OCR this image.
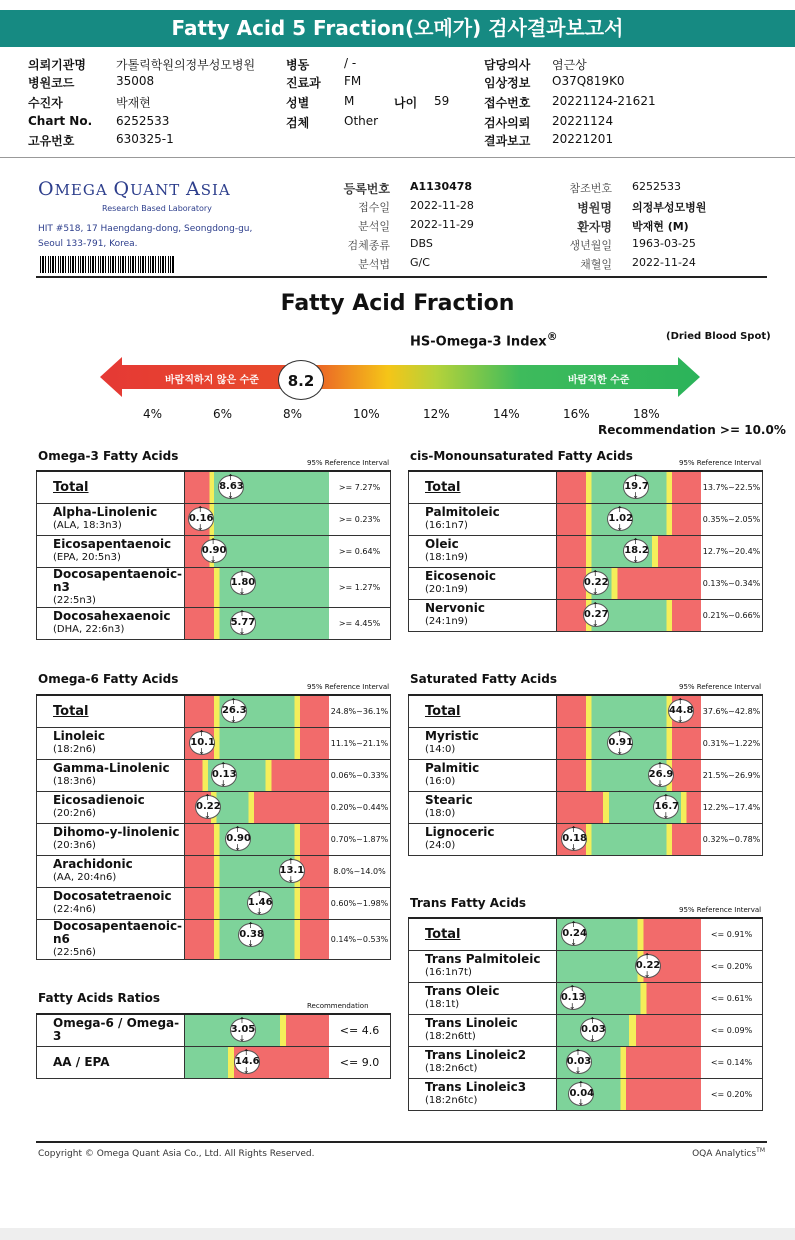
Fatty Acid 5 Fraction(오메가) 검사결과보고서
의뢰기관명	가톨릭학원의정부성모병원
병원코드	35008
수진자	박재현
Chart No. 6252533
고유번호	630325-1
병동	/ -
진료과 FM
성별	M
검체	Other
나이 59
담당의사 염근상
임상정보 O37Q819K0
접수번호 20221124-21621
검사의뢰 20221124
결과보고 20221201
OMEGA QUANT ASIA
Research Based Laboratory
HIT #518, 17 Haengdang-dong, Seongdong-gu,
Seoul 133-791, Korea.
등록번호 A1130478
접수일 2022-11-28
분석일 2022-11-29
검체종류 DBS
분석법 G/C
참조번호 6252533
병원명 의정부성모병원
환자명 박재현 (M)
생년월일 1963-03-25
채혈일 2022-11-24
Fatty Acid Fraction
HS-Omega-3 Index®	(Dried Blood Spot)
바람직하지 않은 수준	바람직한 수준
8.2
4%	6%	8%	10%	12%	14%	16%	18%
Recommendation >= 10.0%
Omega-3 Fatty Acids	95% Reference Interval
Total	↑ 8.63 ↓	>= 7.27%
Alpha-Linolenic
(ALA, 18:3n3)	↑ 0.16 ↓	>= 0.23%
Eicosapentaenoic
(EPA, 20:5n3)	↑ 0.90 ↓	>= 0.64%
Docosapentaenoic-n3
(22:5n3)	↑ 1.80 ↓	>= 1.27%
Docosahexaenoic
(DHA, 22:6n3)	↑ 5.77 ↓	>= 4.45%
cis-Monounsaturated Fatty Acids	95% Reference Interval
Total	↑ 19.7 ↓	13.7%~22.5%
Palmitoleic
(16:1n7)	↑ 1.02 ↓	0.35%~2.05%
Oleic
(18:1n9)	↑ 18.2 ↓	12.7%~20.4%
Eicosenoic
(20:1n9)	↑ 0.22 ↓	0.13%~0.34%
Nervonic
(24:1n9)	↑ 0.27 ↓	0.21%~0.66%
Omega-6 Fatty Acids
95% Reference Interval
Total	↑ 26.3 ↓	24.8%~36.1%
Linoleic
(18:2n6)	↑ 10.1 ↓	11.1%~21.1%
Gamma-Linolenic
(18:3n6)	↑ 0.13 ↓	0.06%~0.33%
Eicosadienoic
(20:2n6)	↑ 0.22 ↓	0.20%~0.44%
Dihomo-y-linolenic
(20:3n6)	↑ 0.90 ↓	0.70%~1.87%
Arachidonic
(AA, 20:4n6)	↑ 13.1 ↓	8.0%~14.0%
Docosatetraenoic
(22:4n6)	↑ 1.46 ↓	0.60%~1.98%
Docosapentaenoic-n6
(22:5n6)	↑ 0.38 ↓	0.14%~0.53%
Saturated Fatty Acids
95% Reference Interval
Total	↑ 44.8 ↓	37.6%~42.8%
Myristic
(14:0)	↑ 0.91 ↓	0.31%~1.22%
Palmitic
(16:0)	↑ 26.9 ↓	21.5%~26.9%
Stearic
(18:0)	↑ 16.7 ↓	12.2%~17.4%
Lignoceric
(24:0)	↑ 0.18 ↓	0.32%~0.78%
Trans Fatty Acids	95% Reference Interval
Total	↑ 0.24 ↓	<= 0.91%
Trans Palmitoleic
(16:1n7t)	↑ 0.22 ↓	<= 0.20%
Trans Oleic
(18:1t)	↑ 0.13 ↓	<= 0.61%
Trans Linoleic
(18:2n6tt)	↑ 0.03 ↓	<= 0.09%
Trans Linoleic2
(18:2n6ct)	↑ 0.03 ↓	<= 0.14%
Trans Linoleic3
(18:2n6tc)	↑ 0.04 ↓	<= 0.20%
Fatty Acids Ratios
Recommendation
Omega-6 / Omega-3	↑ 3.05 ↓	<= 4.6
AA / EPA	↑ 14.6 ↓	<= 9.0
Copyright © Omega Quant Asia Co., Ltd. All Rights Reserved.	OQA Analytics™
